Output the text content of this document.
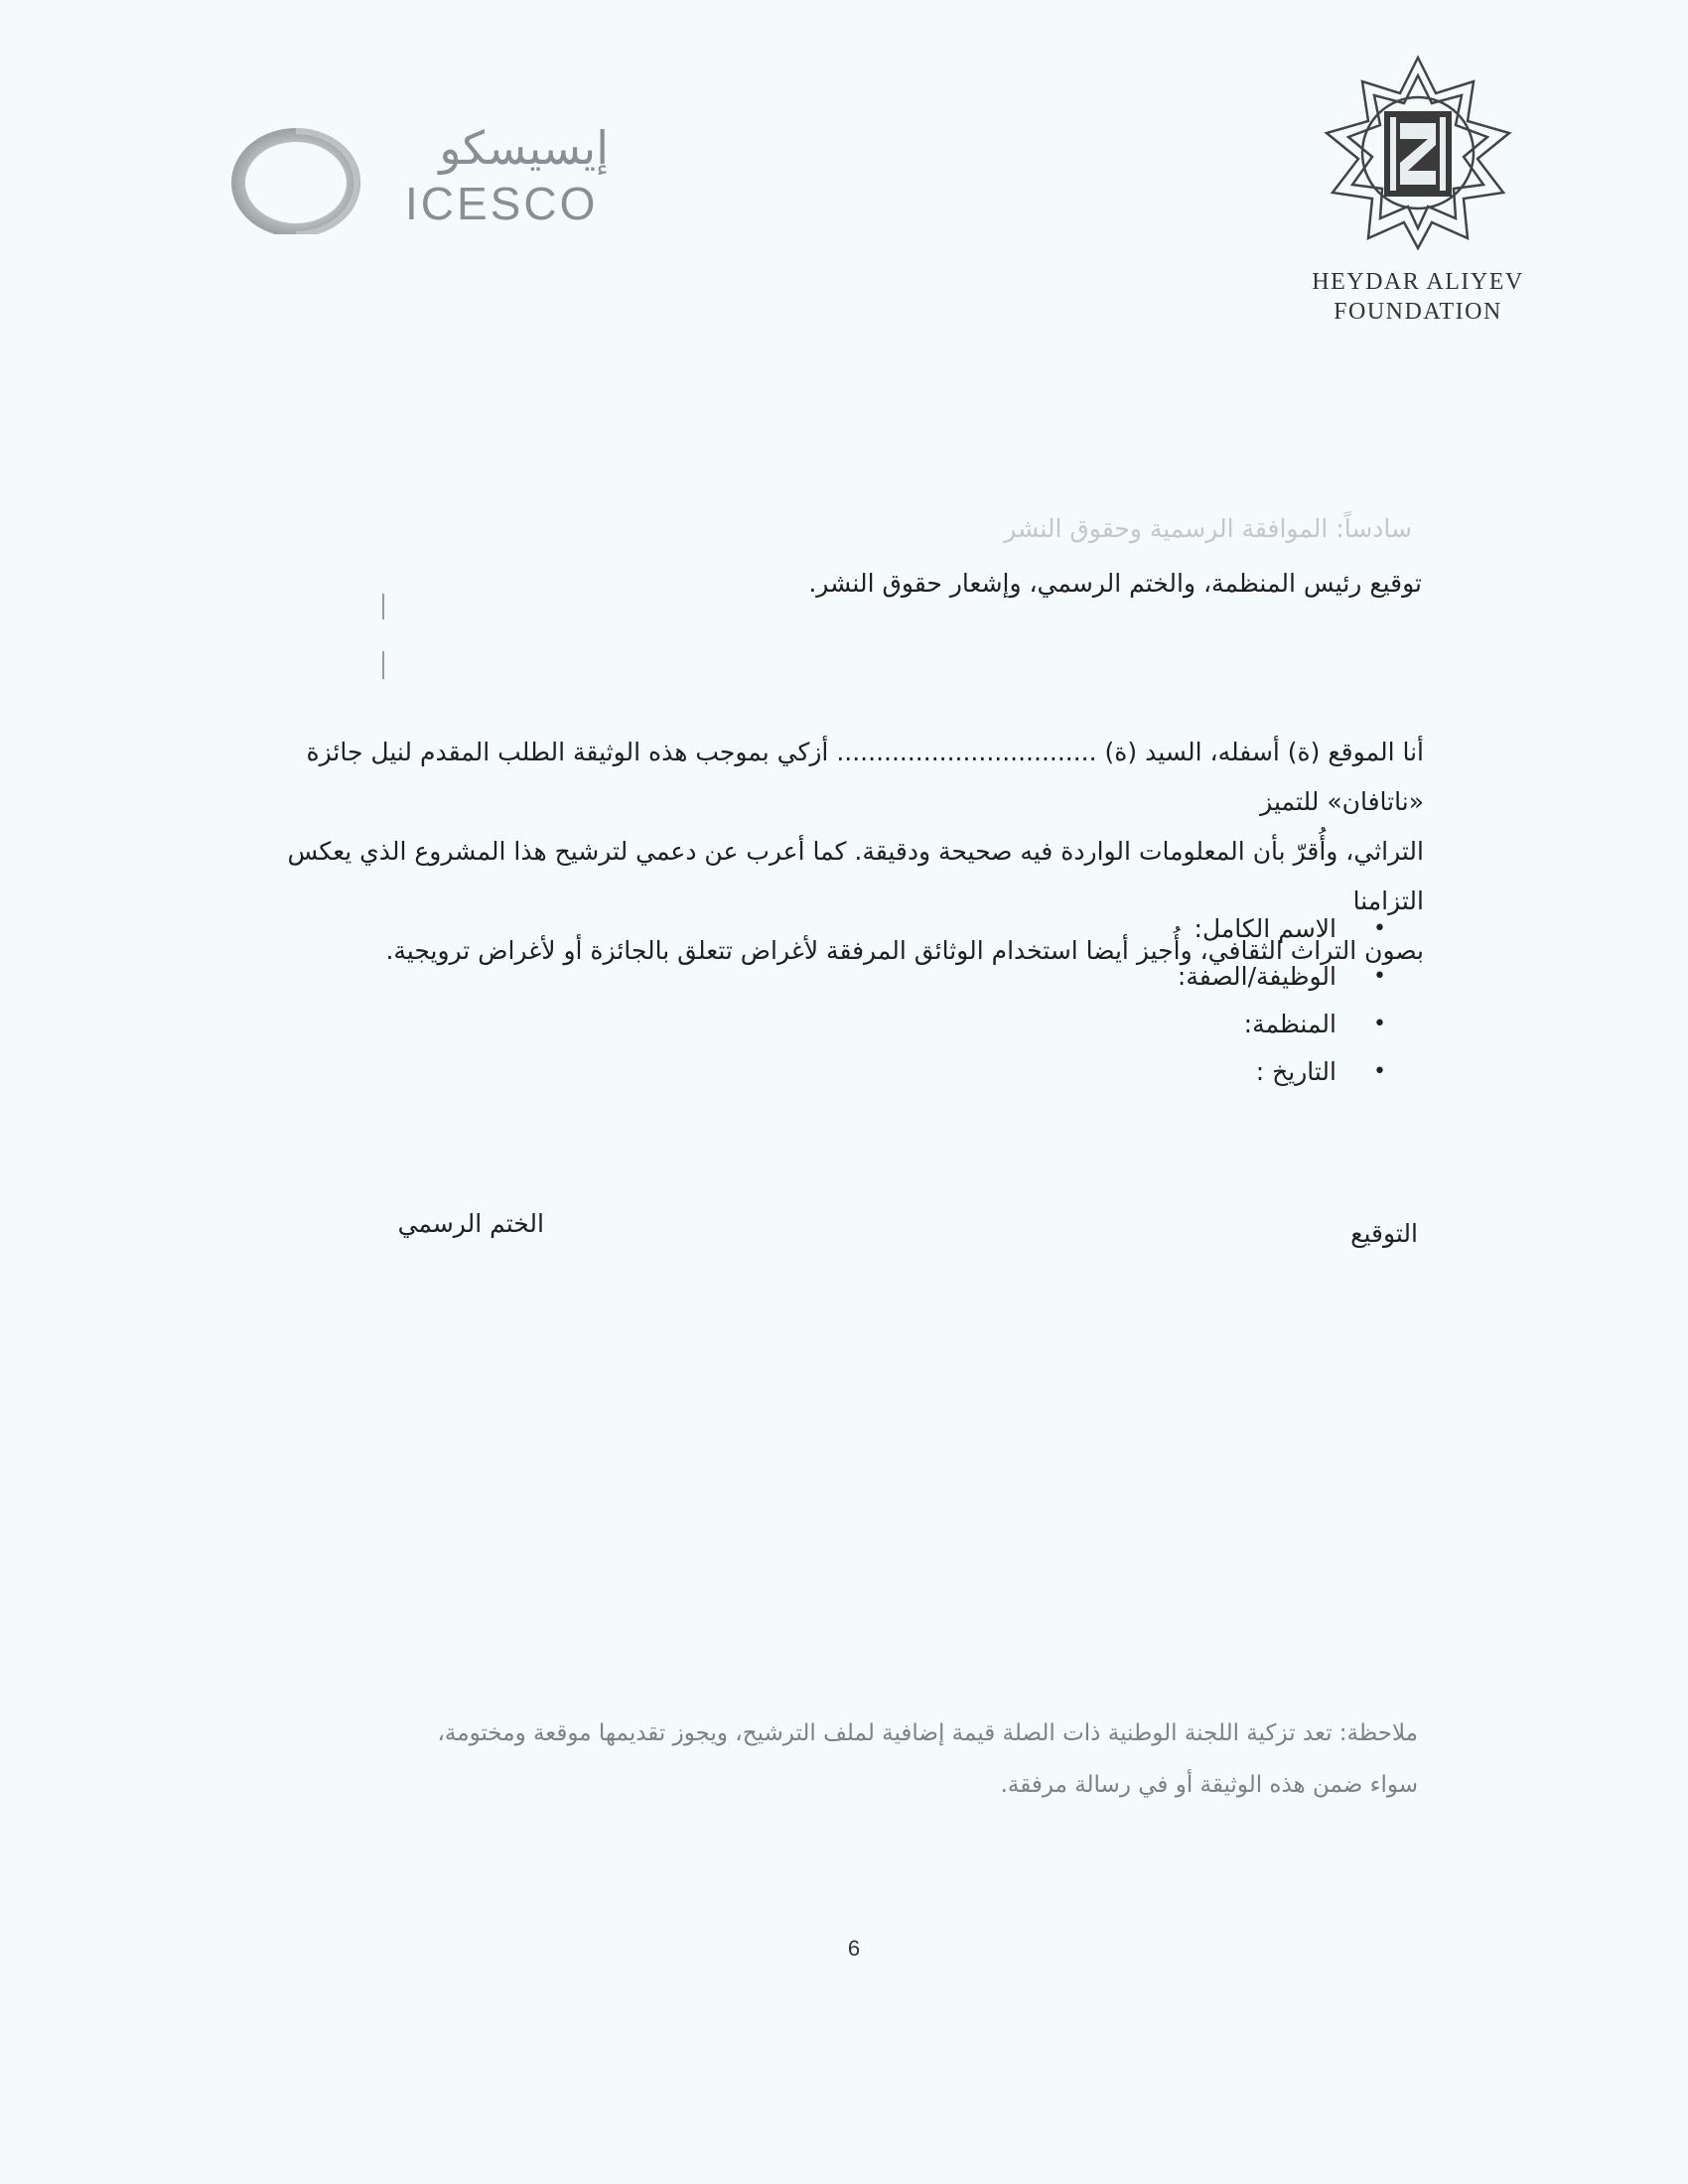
إيسيسكو
ICESCO
HEYDAR ALIYEV
FOUNDATION
سادساً: الموافقة الرسمية وحقوق النشر
توقيع رئيس المنظمة، والختم الرسمي، وإشعار حقوق النشر.

أنا الموقع (ة) أسفله، السيد (ة) ................................. أزكي بموجب هذه الوثيقة الطلب المقدم لنيل جائزة «ناتافان» للتميز

التراثي، وأُقرّ بأن المعلومات الواردة فيه صحيحة ودقيقة. كما أعرب عن دعمي لترشيح هذا المشروع الذي يعكس التزامنا

بصون التراث الثقافي، وأُجيز أيضا استخدام الوثائق المرفقة لأغراض تتعلق بالجائزة أو لأغراض ترويجية.

• الاسم الكامل:
• الوظيفة/الصفة:
• المنظمة:
• التاريخ :
التوقيع
الختم الرسمي

ملاحظة: تعد تزكية اللجنة الوطنية ذات الصلة قيمة إضافية لملف الترشيح، ويجوز تقديمها موقعة ومختومة،

سواء ضمن هذه الوثيقة أو في رسالة مرفقة.

6
